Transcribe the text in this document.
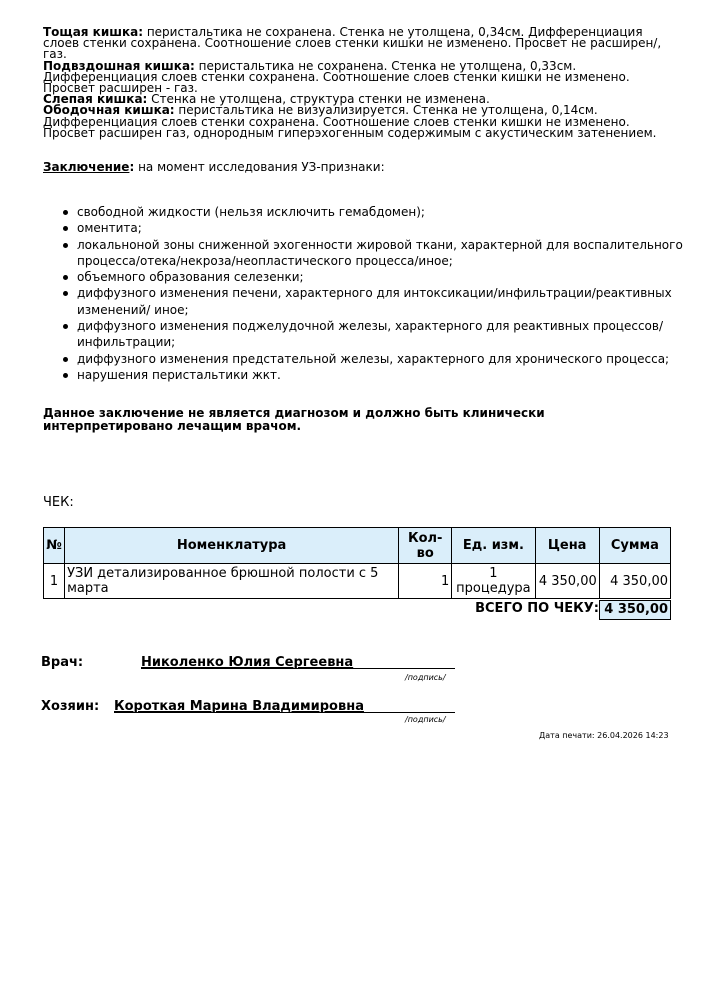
Тощая кишка: перистальтика не сохранена. Стенка не утолщена, 0,34см. Дифференциация слоев стенки сохранена. Соотношение слоев стенки кишки не изменено. Просвет не расширен/, газ.

Подвздошная кишка: перистальтика не сохранена. Стенка не утолщена, 0,33см. Дифференциация слоев стенки сохранена. Соотношение слоев стенки кишки не изменено. Просвет расширен - газ.

Слепая кишка: Стенка не утолщена, структура стенки не изменена.

Ободочная кишка: перистальтика не визуализируется. Стенка не утолщена, 0,14см. Дифференциация слоев стенки сохранена. Соотношение слоев стенки кишки не изменено. Просвет расширен газ, однородным гиперэхогенным содержимым с акустическим затенением.

Заключение: на момент исследования УЗ-признаки:
свободной жидкости (нельзя исключить гемабдомен);
оментита;
локальноной зоны сниженной эхогенности жировой ткани, характерной для воспалительного процесса/отека/некроза/неопластического процесса/иное;
объемного образования селезенки;
диффузного изменения печени, характерного для интоксикации/инфильтрации/реактивных изменений/ иное;
диффузного изменения поджелудочной железы, характерного для реактивных процессов/инфильтрации;
диффузного изменения предстательной железы, характерного для хронического процесса;
нарушения перистальтики жкт.
Данное заключение не является диагнозом и должно быть клинически интерпретировано лечащим врачом.
ЧЕК:
№	Номенклатура	Кол-во	Ед. изм.	Цена	Сумма
1	УЗИ детализированное брюшной полости с 5 марта	1	1 процедура	4 350,00	4 350,00
ВСЕГО ПО ЧЕКУ: 4 350,00
Врач:	Николенко Юлия Сергеевна
/подпись/
Хозяин: Короткая Марина Владимировна
/подпись/
Дата печати: 26.04.2026 14:23
